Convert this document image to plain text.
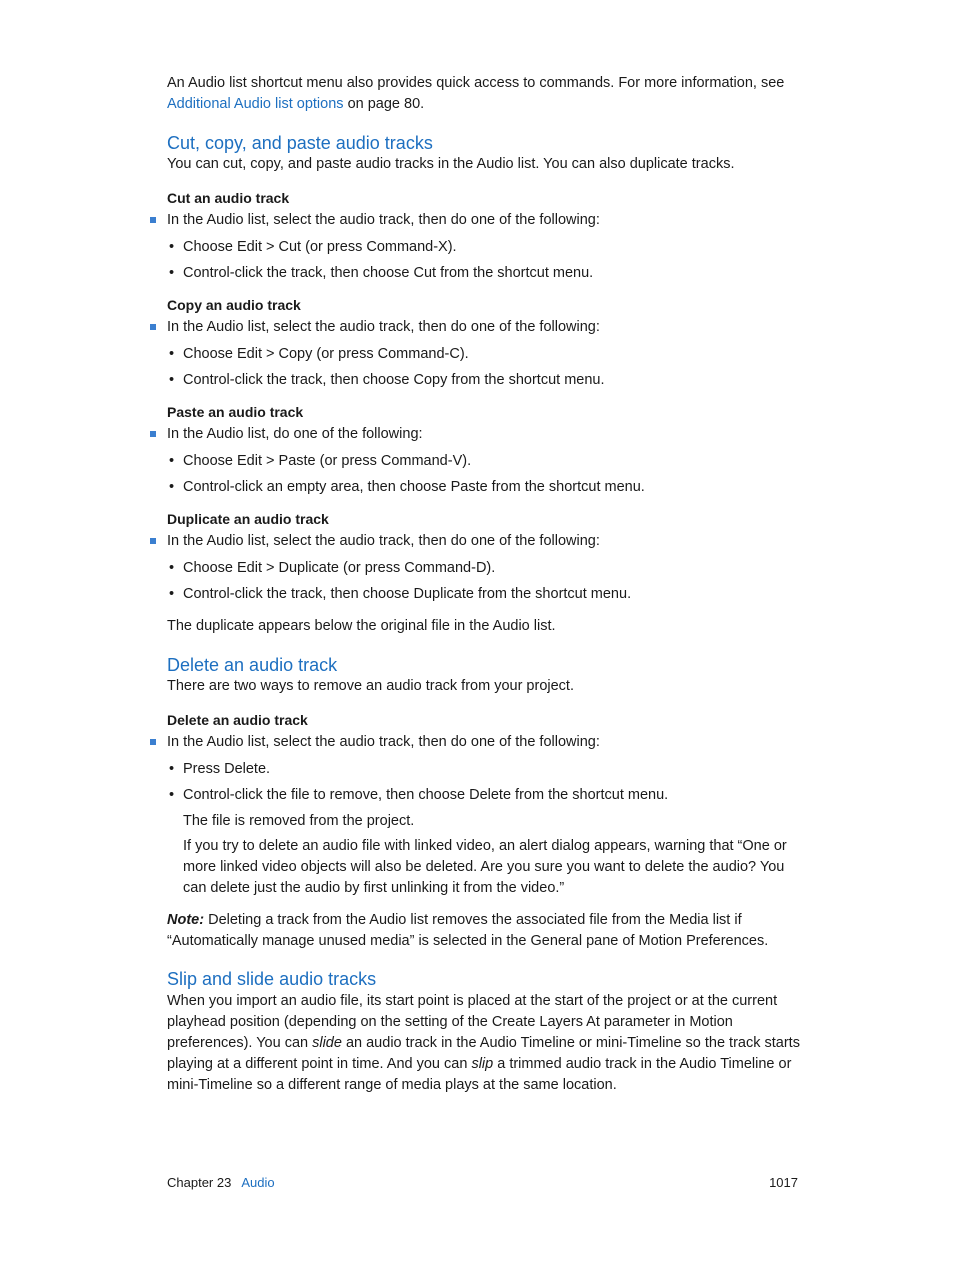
An Audio list shortcut menu also provides quick access to commands. For more information, see Additional Audio list options on page 80.

Cut, copy, and paste audio tracks

You can cut, copy, and paste audio tracks in the Audio list. You can also duplicate tracks.

Cut an audio track
In the Audio list, select the audio track, then do one of the following:
• Choose Edit > Cut (or press Command-X).
• Control-click the track, then choose Cut from the shortcut menu.
Copy an audio track
In the Audio list, select the audio track, then do one of the following:
• Choose Edit > Copy (or press Command-C).
• Control-click the track, then choose Copy from the shortcut menu.
Paste an audio track
In the Audio list, do one of the following:
• Choose Edit > Paste (or press Command-V).
• Control-click an empty area, then choose Paste from the shortcut menu.
Duplicate an audio track
In the Audio list, select the audio track, then do one of the following:
• Choose Edit > Duplicate (or press Command-D).
• Control-click the track, then choose Duplicate from the shortcut menu.

The duplicate appears below the original file in the Audio list.

Delete an audio track

There are two ways to remove an audio track from your project.

Delete an audio track
In the Audio list, select the audio track, then do one of the following:
• Press Delete.
• Control-click the file to remove, then choose Delete from the shortcut menu.

The file is removed from the project.

If you try to delete an audio file with linked video, an alert dialog appears, warning that “One or more linked video objects will also be deleted. Are you sure you want to delete the audio? You can delete just the audio by first unlinking it from the video.”

Note: Deleting a track from the Audio list removes the associated file from the Media list if “Automatically manage unused media” is selected in the General pane of Motion Preferences.

Slip and slide audio tracks

When you import an audio file, its start point is placed at the start of the project or at the current playhead position (depending on the setting of the Create Layers At parameter in Motion preferences). You can slide an audio track in the Audio Timeline or mini-Timeline so the track starts playing at a different point in time. And you can slip a trimmed audio track in the Audio Timeline or mini-Timeline so a different range of media plays at the same location.

Chapter 23 Audio	1017
